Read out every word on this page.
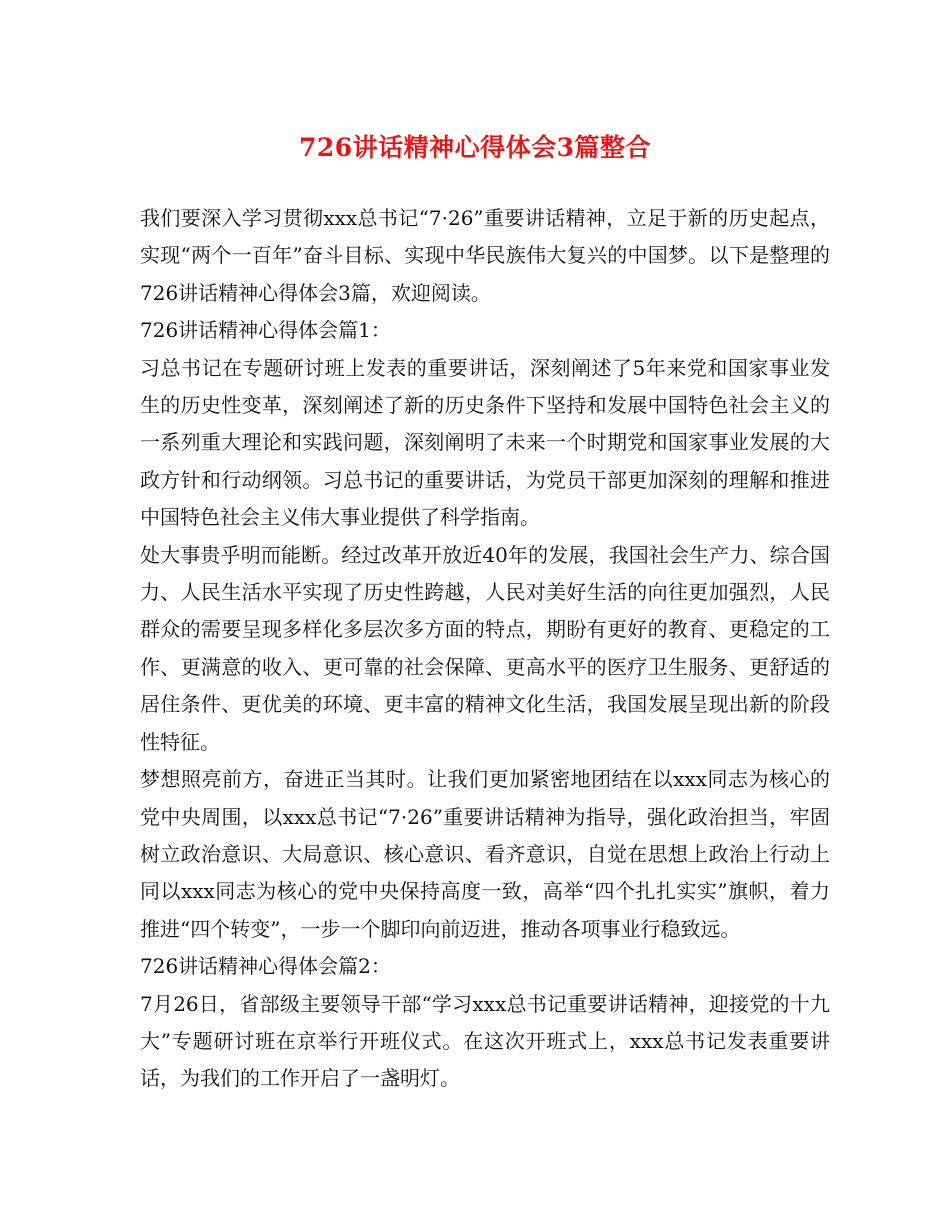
726讲话精神心得体会3篇整合

我们要深入学习贯彻xxx总书记“7·26”重要讲话精神，立足于新的历史起点，实现“两个一百年”奋斗目标、实现中华民族伟大复兴的中国梦。以下是整理的726讲话精神心得体会3篇，欢迎阅读。

726讲话精神心得体会篇1：

习总书记在专题研讨班上发表的重要讲话，深刻阐述了5年来党和国家事业发生的历史性变革，深刻阐述了新的历史条件下坚持和发展中国特色社会主义的一系列重大理论和实践问题，深刻阐明了未来一个时期党和国家事业发展的大政方针和行动纲领。习总书记的重要讲话，为党员干部更加深刻的理解和推进中国特色社会主义伟大事业提供了科学指南。

处大事贵乎明而能断。经过改革开放近40年的发展，我国社会生产力、综合国力、人民生活水平实现了历史性跨越，人民对美好生活的向往更加强烈，人民群众的需要呈现多样化多层次多方面的特点，期盼有更好的教育、更稳定的工作、更满意的收入、更可靠的社会保障、更高水平的医疗卫生服务、更舒适的居住条件、更优美的环境、更丰富的精神文化生活，我国发展呈现出新的阶段性特征。

梦想照亮前方，奋进正当其时。让我们更加紧密地团结在以xxx同志为核心的党中央周围，以xxx总书记“7·26”重要讲话精神为指导，强化政治担当，牢固树立政治意识、大局意识、核心意识、看齐意识，自觉在思想上政治上行动上同以xxx同志为核心的党中央保持高度一致，高举“四个扎扎实实”旗帜，着力推进“四个转变”，一步一个脚印向前迈进，推动各项事业行稳致远。

726讲话精神心得体会篇2：

7月26日，省部级主要领导干部“学习xxx总书记重要讲话精神，迎接党的十九大”专题研讨班在京举行开班仪式。在这次开班式上，xxx总书记发表重要讲话，为我们的工作开启了一盏明灯。
